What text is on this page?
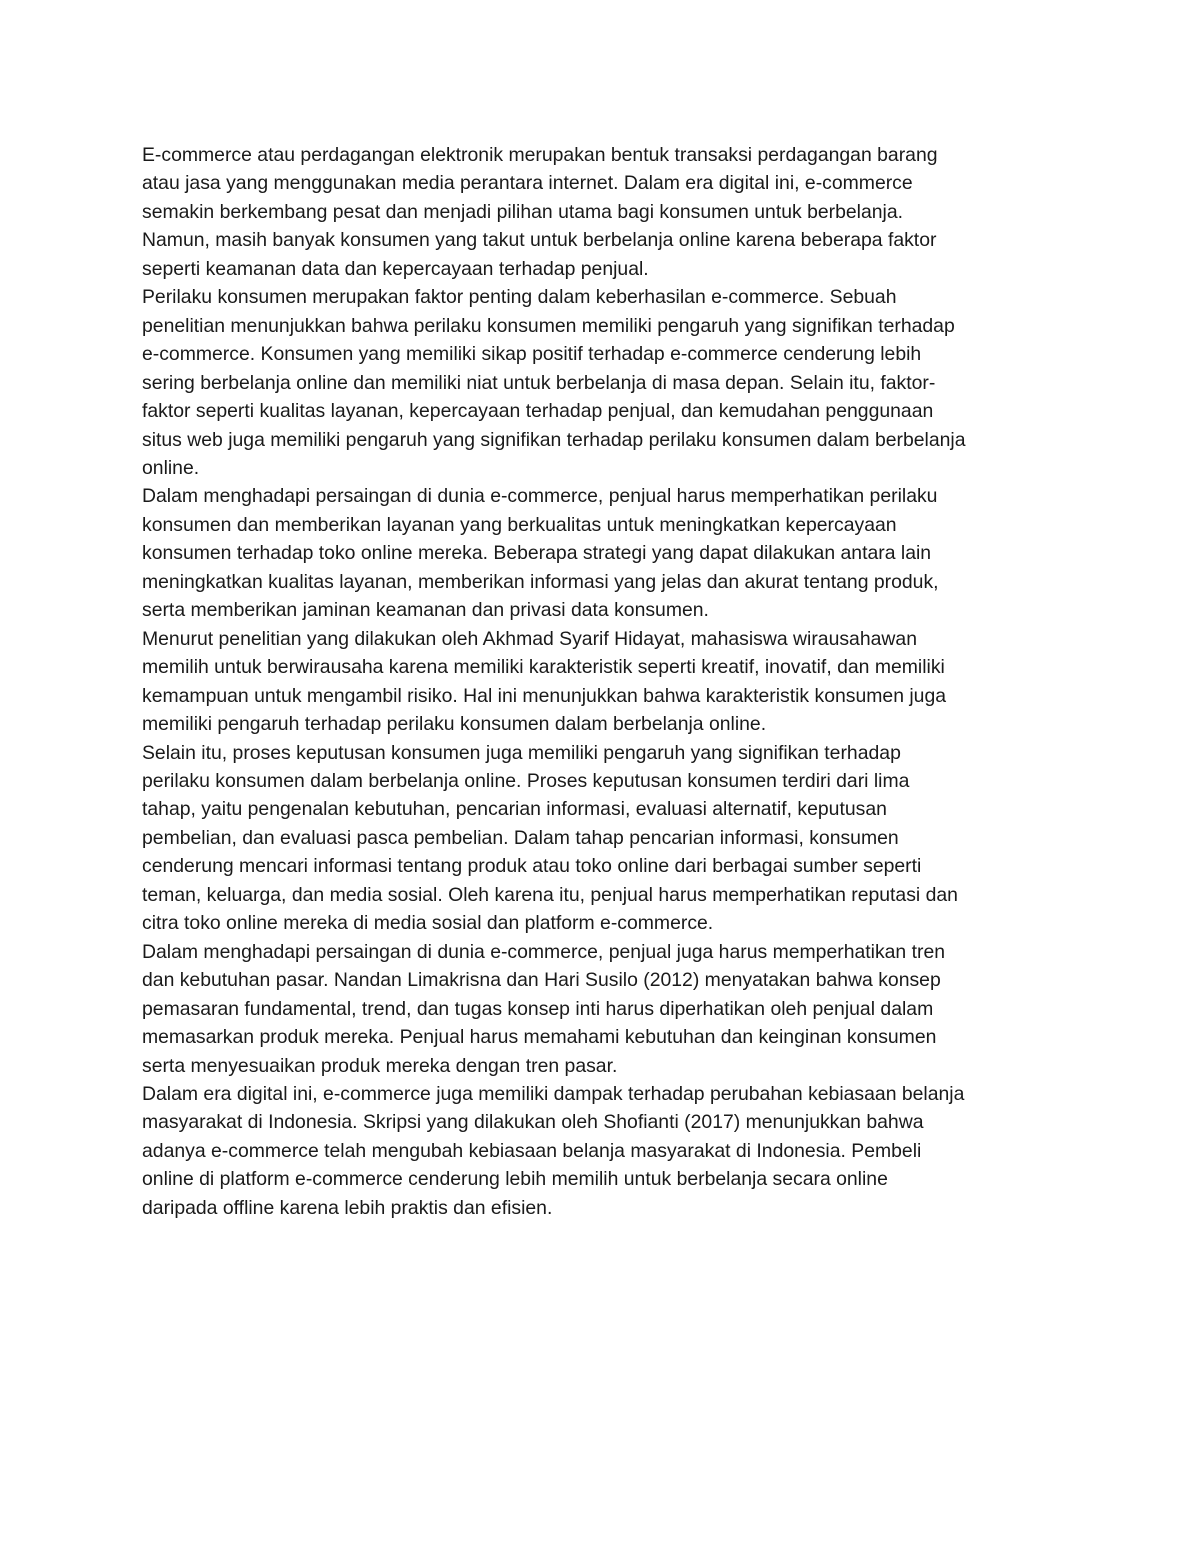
E-commerce atau perdagangan elektronik merupakan bentuk transaksi perdagangan barang
atau jasa yang menggunakan media perantara internet. Dalam era digital ini, e-commerce
semakin berkembang pesat dan menjadi pilihan utama bagi konsumen untuk berbelanja.
Namun, masih banyak konsumen yang takut untuk berbelanja online karena beberapa faktor
seperti keamanan data dan kepercayaan terhadap penjual.

Perilaku konsumen merupakan faktor penting dalam keberhasilan e-commerce. Sebuah
penelitian menunjukkan bahwa perilaku konsumen memiliki pengaruh yang signifikan terhadap
e-commerce. Konsumen yang memiliki sikap positif terhadap e-commerce cenderung lebih
sering berbelanja online dan memiliki niat untuk berbelanja di masa depan. Selain itu, faktor-
faktor seperti kualitas layanan, kepercayaan terhadap penjual, dan kemudahan penggunaan
situs web juga memiliki pengaruh yang signifikan terhadap perilaku konsumen dalam berbelanja
online.

Dalam menghadapi persaingan di dunia e-commerce, penjual harus memperhatikan perilaku
konsumen dan memberikan layanan yang berkualitas untuk meningkatkan kepercayaan
konsumen terhadap toko online mereka. Beberapa strategi yang dapat dilakukan antara lain
meningkatkan kualitas layanan, memberikan informasi yang jelas dan akurat tentang produk,
serta memberikan jaminan keamanan dan privasi data konsumen.

Menurut penelitian yang dilakukan oleh Akhmad Syarif Hidayat, mahasiswa wirausahawan
memilih untuk berwirausaha karena memiliki karakteristik seperti kreatif, inovatif, dan memiliki
kemampuan untuk mengambil risiko. Hal ini menunjukkan bahwa karakteristik konsumen juga
memiliki pengaruh terhadap perilaku konsumen dalam berbelanja online.

Selain itu, proses keputusan konsumen juga memiliki pengaruh yang signifikan terhadap
perilaku konsumen dalam berbelanja online. Proses keputusan konsumen terdiri dari lima
tahap, yaitu pengenalan kebutuhan, pencarian informasi, evaluasi alternatif, keputusan
pembelian, dan evaluasi pasca pembelian. Dalam tahap pencarian informasi, konsumen
cenderung mencari informasi tentang produk atau toko online dari berbagai sumber seperti
teman, keluarga, dan media sosial. Oleh karena itu, penjual harus memperhatikan reputasi dan
citra toko online mereka di media sosial dan platform e-commerce.

Dalam menghadapi persaingan di dunia e-commerce, penjual juga harus memperhatikan tren
dan kebutuhan pasar. Nandan Limakrisna dan Hari Susilo (2012) menyatakan bahwa konsep
pemasaran fundamental, trend, dan tugas konsep inti harus diperhatikan oleh penjual dalam
memasarkan produk mereka. Penjual harus memahami kebutuhan dan keinginan konsumen
serta menyesuaikan produk mereka dengan tren pasar.

Dalam era digital ini, e-commerce juga memiliki dampak terhadap perubahan kebiasaan belanja
masyarakat di Indonesia. Skripsi yang dilakukan oleh Shofianti (2017) menunjukkan bahwa
adanya e-commerce telah mengubah kebiasaan belanja masyarakat di Indonesia. Pembeli
online di platform e-commerce cenderung lebih memilih untuk berbelanja secara online
daripada offline karena lebih praktis dan efisien.
